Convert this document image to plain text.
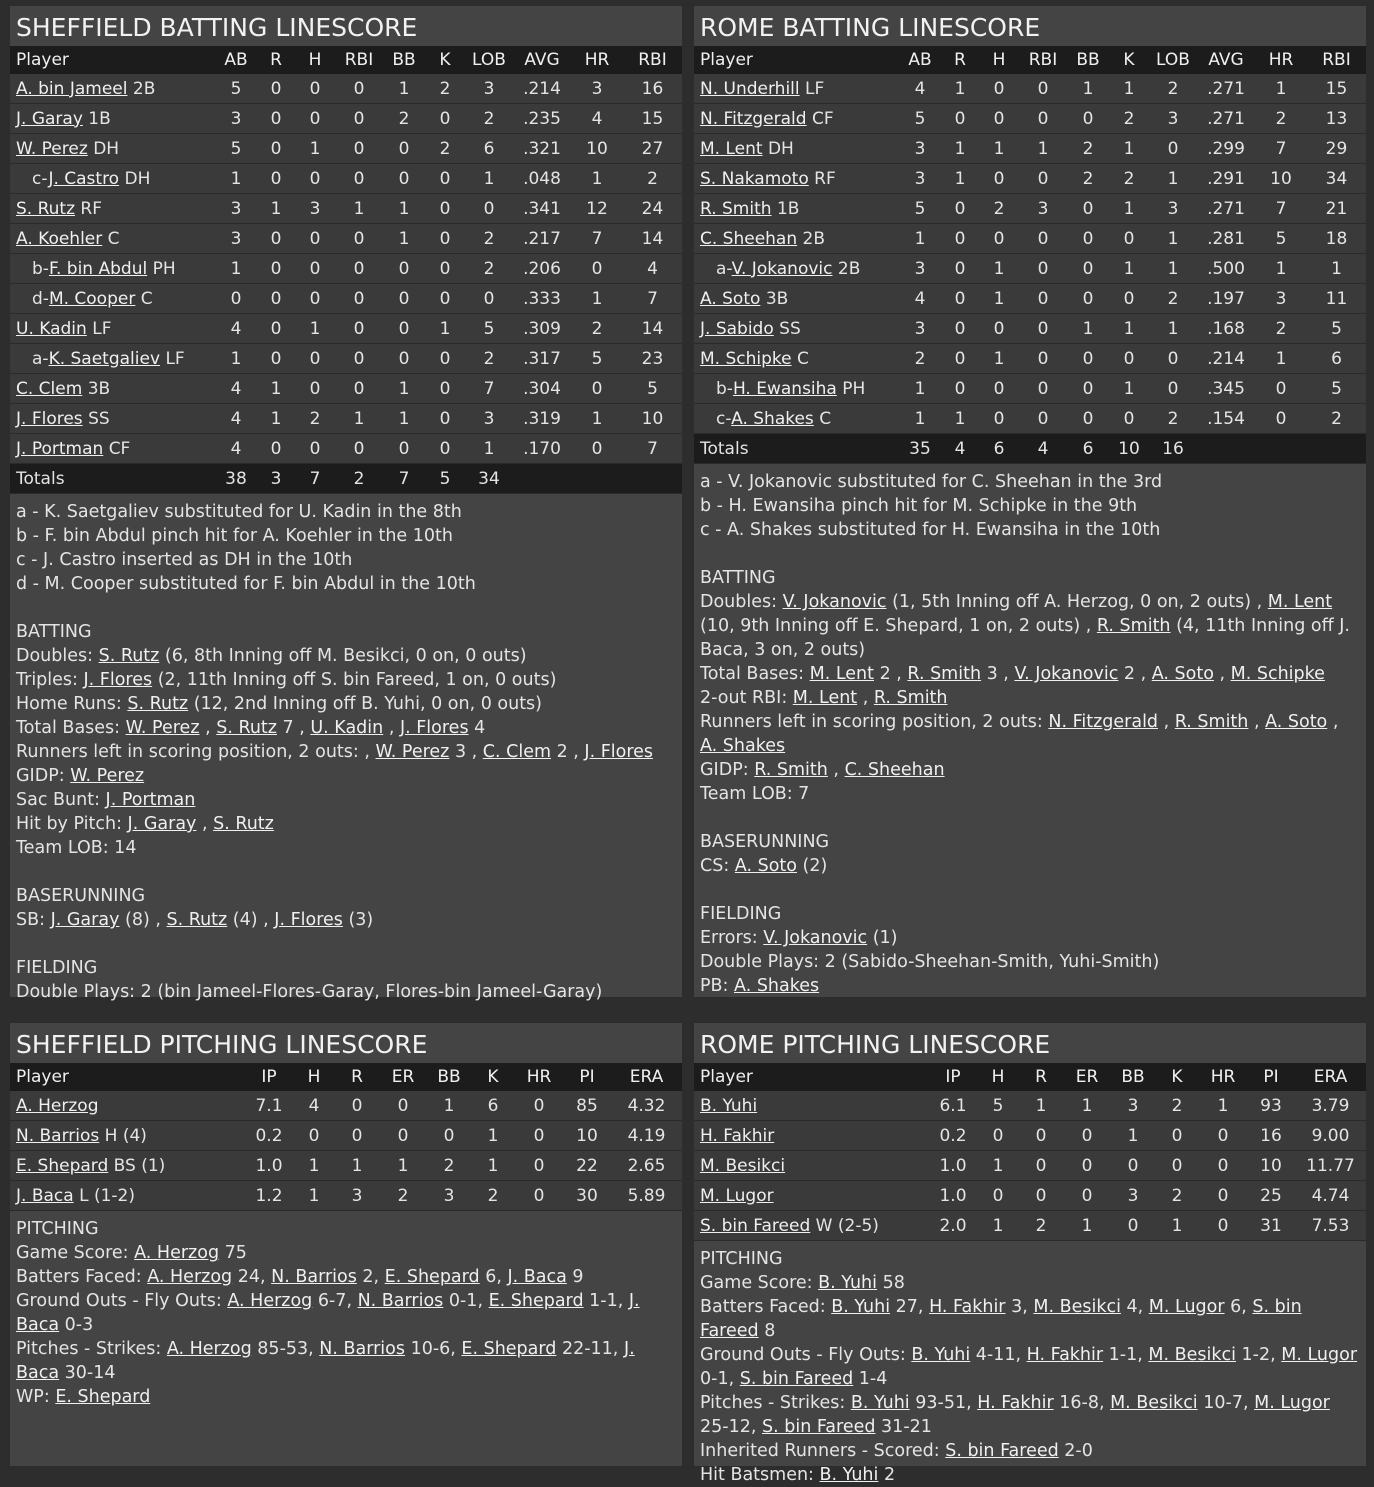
SHEFFIELD BATTING LINESCORE
Player	AB	R	H	RBI	BB	K	LOB	AVG	HR	RBI
A. bin Jameel 2B	5	0	0	0	1	2	3	.214	3	16
J. Garay 1B	3	0	0	0	2	0	2	.235	4	15
W. Perez DH	5	0	1	0	0	2	6	.321	10	27
c-J. Castro DH	1	0	0	0	0	0	1	.048	1	2
S. Rutz RF	3	1	3	1	1	0	0	.341	12	24
A. Koehler C	3	0	0	0	1	0	2	.217	7	14
b-F. bin Abdul PH	1	0	0	0	0	0	2	.206	0	4
d-M. Cooper C	0	0	0	0	0	0	0	.333	1	7
U. Kadin LF	4	0	1	0	0	1	5	.309	2	14
a-K. Saetgaliev LF	1	0	0	0	0	0	2	.317	5	23
C. Clem 3B	4	1	0	0	1	0	7	.304	0	5
J. Flores SS	4	1	2	1	1	0	3	.319	1	10
J. Portman CF	4	0	0	0	0	0	1	.170	0	7
Totals	38	3	7	2	7	5	34			
a - K. Saetgaliev substituted for U. Kadin in the 8th
b - F. bin Abdul pinch hit for A. Koehler in the 10th
c - J. Castro inserted as DH in the 10th
d - M. Cooper substituted for F. bin Abdul in the 10th
BATTING
Doubles: S. Rutz (6, 8th Inning off M. Besikci, 0 on, 0 outs)
Triples: J. Flores (2, 11th Inning off S. bin Fareed, 1 on, 0 outs)
Home Runs: S. Rutz (12, 2nd Inning off B. Yuhi, 0 on, 0 outs)
Total Bases: W. Perez , S. Rutz 7 , U. Kadin , J. Flores 4
Runners left in scoring position, 2 outs: , W. Perez 3 , C. Clem 2 , J. Flores
GIDP: W. Perez
Sac Bunt: J. Portman
Hit by Pitch: J. Garay , S. Rutz
Team LOB: 14
BASERUNNING
SB: J. Garay (8) , S. Rutz (4) , J. Flores (3)
FIELDING
Double Plays: 2 (bin Jameel-Flores-Garay, Flores-bin Jameel-Garay)
ROME BATTING LINESCORE
Player	AB	R	H	RBI	BB	K	LOB	AVG	HR	RBI
N. Underhill LF	4	1	0	0	1	1	2	.271	1	15
N. Fitzgerald CF	5	0	0	0	0	2	3	.271	2	13
M. Lent DH	3	1	1	1	2	1	0	.299	7	29
S. Nakamoto RF	3	1	0	0	2	2	1	.291	10	34
R. Smith 1B	5	0	2	3	0	1	3	.271	7	21
C. Sheehan 2B	1	0	0	0	0	0	1	.281	5	18
a-V. Jokanovic 2B	3	0	1	0	0	1	1	.500	1	1
A. Soto 3B	4	0	1	0	0	0	2	.197	3	11
J. Sabido SS	3	0	0	0	1	1	1	.168	2	5
M. Schipke C	2	0	1	0	0	0	0	.214	1	6
b-H. Ewansiha PH	1	0	0	0	0	1	0	.345	0	5
c-A. Shakes C	1	1	0	0	0	0	2	.154	0	2
Totals	35	4	6	4	6	10	16			
a - V. Jokanovic substituted for C. Sheehan in the 3rd
b - H. Ewansiha pinch hit for M. Schipke in the 9th
c - A. Shakes substituted for H. Ewansiha in the 10th
BATTING
Doubles: V. Jokanovic (1, 5th Inning off A. Herzog, 0 on, 2 outs) , M. Lent (10, 9th Inning off E. Shepard, 1 on, 2 outs) , R. Smith (4, 11th Inning off J. Baca, 3 on, 2 outs)
Total Bases: M. Lent 2 , R. Smith 3 , V. Jokanovic 2 , A. Soto , M. Schipke
2-out RBI: M. Lent , R. Smith
Runners left in scoring position, 2 outs: N. Fitzgerald , R. Smith , A. Soto , A. Shakes
GIDP: R. Smith , C. Sheehan
Team LOB: 7
BASERUNNING
CS: A. Soto (2)
FIELDING
Errors: V. Jokanovic (1)
Double Plays: 2 (Sabido-Sheehan-Smith, Yuhi-Smith)
PB: A. Shakes
SHEFFIELD PITCHING LINESCORE
Player	IP	H	R	ER	BB	K	HR	PI	ERA
A. Herzog	7.1	4	0	0	1	6	0	85	4.32
N. Barrios H (4)	0.2	0	0	0	0	1	0	10	4.19
E. Shepard BS (1)	1.0	1	1	1	2	1	0	22	2.65
J. Baca L (1-2)	1.2	1	3	2	3	2	0	30	5.89
PITCHING
Game Score: A. Herzog 75
Batters Faced: A. Herzog 24, N. Barrios 2, E. Shepard 6, J. Baca 9
Ground Outs - Fly Outs: A. Herzog 6-7, N. Barrios 0-1, E. Shepard 1-1, J. Baca 0-3
Pitches - Strikes: A. Herzog 85-53, N. Barrios 10-6, E. Shepard 22-11, J. Baca 30-14
WP: E. Shepard
ROME PITCHING LINESCORE
Player	IP	H	R	ER	BB	K	HR	PI	ERA
B. Yuhi	6.1	5	1	1	3	2	1	93	3.79
H. Fakhir	0.2	0	0	0	1	0	0	16	9.00
M. Besikci	1.0	1	0	0	0	0	0	10	11.77
M. Lugor	1.0	0	0	0	3	2	0	25	4.74
S. bin Fareed W (2-5)	2.0	1	2	1	0	1	0	31	7.53
PITCHING
Game Score: B. Yuhi 58
Batters Faced: B. Yuhi 27, H. Fakhir 3, M. Besikci 4, M. Lugor 6, S. bin Fareed 8
Ground Outs - Fly Outs: B. Yuhi 4-11, H. Fakhir 1-1, M. Besikci 1-2, M. Lugor 0-1, S. bin Fareed 1-4
Pitches - Strikes: B. Yuhi 93-51, H. Fakhir 16-8, M. Besikci 10-7, M. Lugor 25-12, S. bin Fareed 31-21
Inherited Runners - Scored: S. bin Fareed 2-0
Hit Batsmen: B. Yuhi 2
